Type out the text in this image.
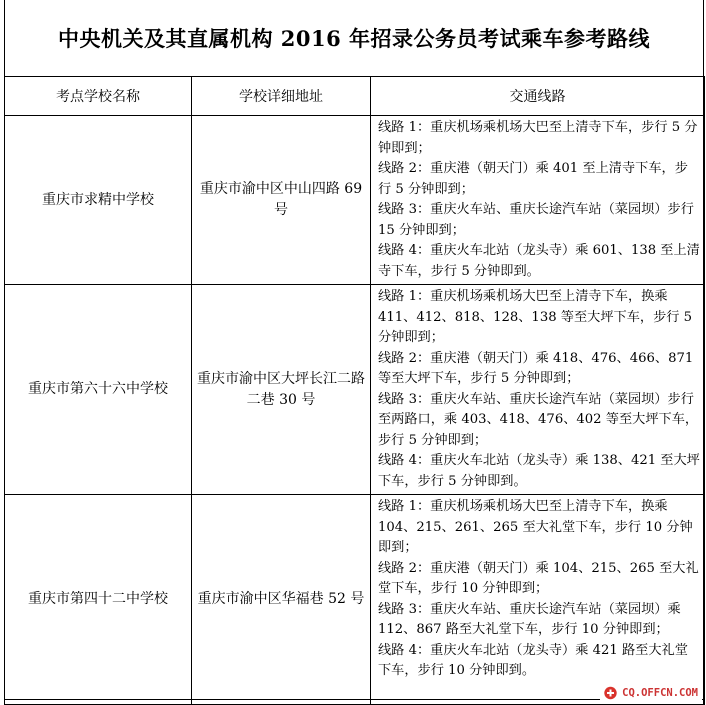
中央机关及其直属机构 2016 年招录公务员考试乘车参考路线
考点学校名称	学校详细地址	交通线路
重庆市求精中学校	重庆市渝中区中山四路 69 号	线路 1：重庆机场乘机场大巴至上清寺下车，步行 5 分钟即到；
线路 2：重庆港（朝天门）乘 401 至上清寺下车，步行 5 分钟即到；
线路 3：重庆火车站、重庆长途汽车站（菜园坝）步行 15 分钟即到；
线路 4：重庆火车北站（龙头寺）乘 601、138 至上清寺下车，步行 5 分钟即到。

重庆市第六十六中学校	重庆市渝中区大坪长江二路二巷 30 号	线路 1：重庆机场乘机场大巴至上清寺下车，换乘 411、412、818、128、138 等至大坪下车，步行 5 分钟即到；
线路 2：重庆港（朝天门）乘 418、476、466、871 等至大坪下车，步行 5 分钟即到；
线路 3：重庆火车站、重庆长途汽车站（菜园坝）步行至两路口，乘 403、418、476、402 等至大坪下车，步行 5 分钟即到；
线路 4：重庆火车北站（龙头寺）乘 138、421 至大坪下车，步行 5 分钟即到。

重庆市第四十二中学校	重庆市渝中区华福巷 52 号	线路 1：重庆机场乘机场大巴至上清寺下车，换乘 104、215、261、265 至大礼堂下车，步行 10 分钟即到；
线路 2：重庆港（朝天门）乘 104、215、265 至大礼堂下车，步行 10 分钟即到；
线路 3：重庆火车站、重庆长途汽车站（菜园坝）乘 112、867 路至大礼堂下车，步行 10 分钟即到；
线路 4：重庆火车北站（龙头寺）乘 421 路至大礼堂下车，步行 10 分钟即到。
CQ.OFFCN.COM
